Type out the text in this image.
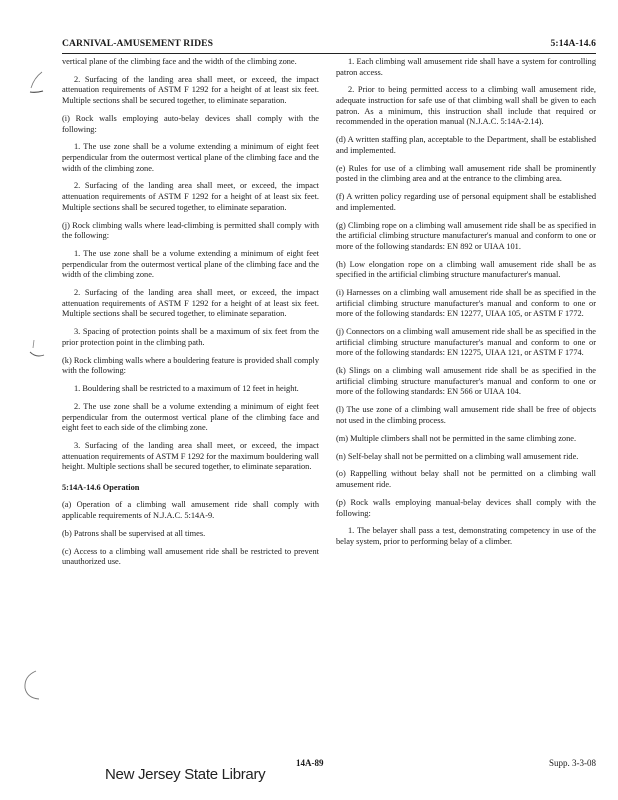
CARNIVAL-AMUSEMENT RIDES	5:14A-14.6

vertical plane of the climbing face and the width of the climbing zone.

2. Surfacing of the landing area shall meet, or exceed, the impact attenuation requirements of ASTM F 1292 for a height of at least six feet. Multiple sections shall be secured together, to eliminate separation.

(i) Rock walls employing auto-belay devices shall comply with the following:

1. The use zone shall be a volume extending a minimum of eight feet perpendicular from the outermost vertical plane of the climbing face and the width of the climbing zone.

2. Surfacing of the landing area shall meet, or exceed, the impact attenuation requirements of ASTM F 1292 for a height of at least six feet. Multiple sections shall be secured together, to eliminate separation.

(j) Rock climbing walls where lead-climbing is permitted shall comply with the following:

1. The use zone shall be a volume extending a minimum of eight feet perpendicular from the outermost vertical plane of the climbing face and the width of the climbing zone.

2. Surfacing of the landing area shall meet, or exceed, the impact attenuation requirements of ASTM F 1292 for a height of at least six feet. Multiple sections shall be secured together, to eliminate separation.

3. Spacing of protection points shall be a maximum of six feet from the prior protection point in the climbing path.

(k) Rock climbing walls where a bouldering feature is provided shall comply with the following:

1. Bouldering shall be restricted to a maximum of 12 feet in height.

2. The use zone shall be a volume extending a minimum of eight feet perpendicular from the outermost vertical plane of the climbing face and eight feet to each side of the climbing zone.

3. Surfacing of the landing area shall meet, or exceed, the impact attenuation requirements of ASTM F 1292 for the maximum bouldering wall height. Multiple sections shall be secured together, to eliminate separation.

5:14A-14.6 Operation

(a) Operation of a climbing wall amusement ride shall comply with applicable requirements of N.J.A.C. 5:14A-9.

(b) Patrons shall be supervised at all times.

(c) Access to a climbing wall amusement ride shall be restricted to prevent unauthorized use.

1. Each climbing wall amusement ride shall have a system for controlling patron access.

2. Prior to being permitted access to a climbing wall amusement ride, adequate instruction for safe use of that climbing wall shall be given to each patron. As a minimum, this instruction shall include that required or recommended in the operation manual (N.J.A.C. 5:14A-2.14).

(d) A written staffing plan, acceptable to the Department, shall be established and implemented.

(e) Rules for use of a climbing wall amusement ride shall be prominently posted in the climbing area and at the entrance to the climbing area.

(f) A written policy regarding use of personal equipment shall be established and implemented.

(g) Climbing rope on a climbing wall amusement ride shall be as specified in the artificial climbing structure manufacturer's manual and conform to one or more of the following standards: EN 892 or UIAA 101.

(h) Low elongation rope on a climbing wall amusement ride shall be as specified in the artificial climbing structure manufacturer's manual.

(i) Harnesses on a climbing wall amusement ride shall be as specified in the artificial climbing structure manufacturer's manual and conform to one or more of the following standards: EN 12277, UIAA 105, or ASTM F 1772.

(j) Connectors on a climbing wall amusement ride shall be as specified in the artificial climbing structure manufacturer's manual and conform to one or more of the following standards: EN 12275, UIAA 121, or ASTM F 1774.

(k) Slings on a climbing wall amusement ride shall be as specified in the artificial climbing structure manufacturer's manual and conform to one or more of the following standards: EN 566 or UIAA 104.

(l) The use zone of a climbing wall amusement ride shall be free of objects not used in the climbing process.

(m) Multiple climbers shall not be permitted in the same climbing zone.

(n) Self-belay shall not be permitted on a climbing wall amusement ride.

(o) Rappelling without belay shall not be permitted on a climbing wall amusement ride.

(p) Rock walls employing manual-belay devices shall comply with the following:

1. The belayer shall pass a test, demonstrating competency in use of the belay system, prior to performing belay of a climber.

14A-89	Supp. 3-3-08
New Jersey State Library
